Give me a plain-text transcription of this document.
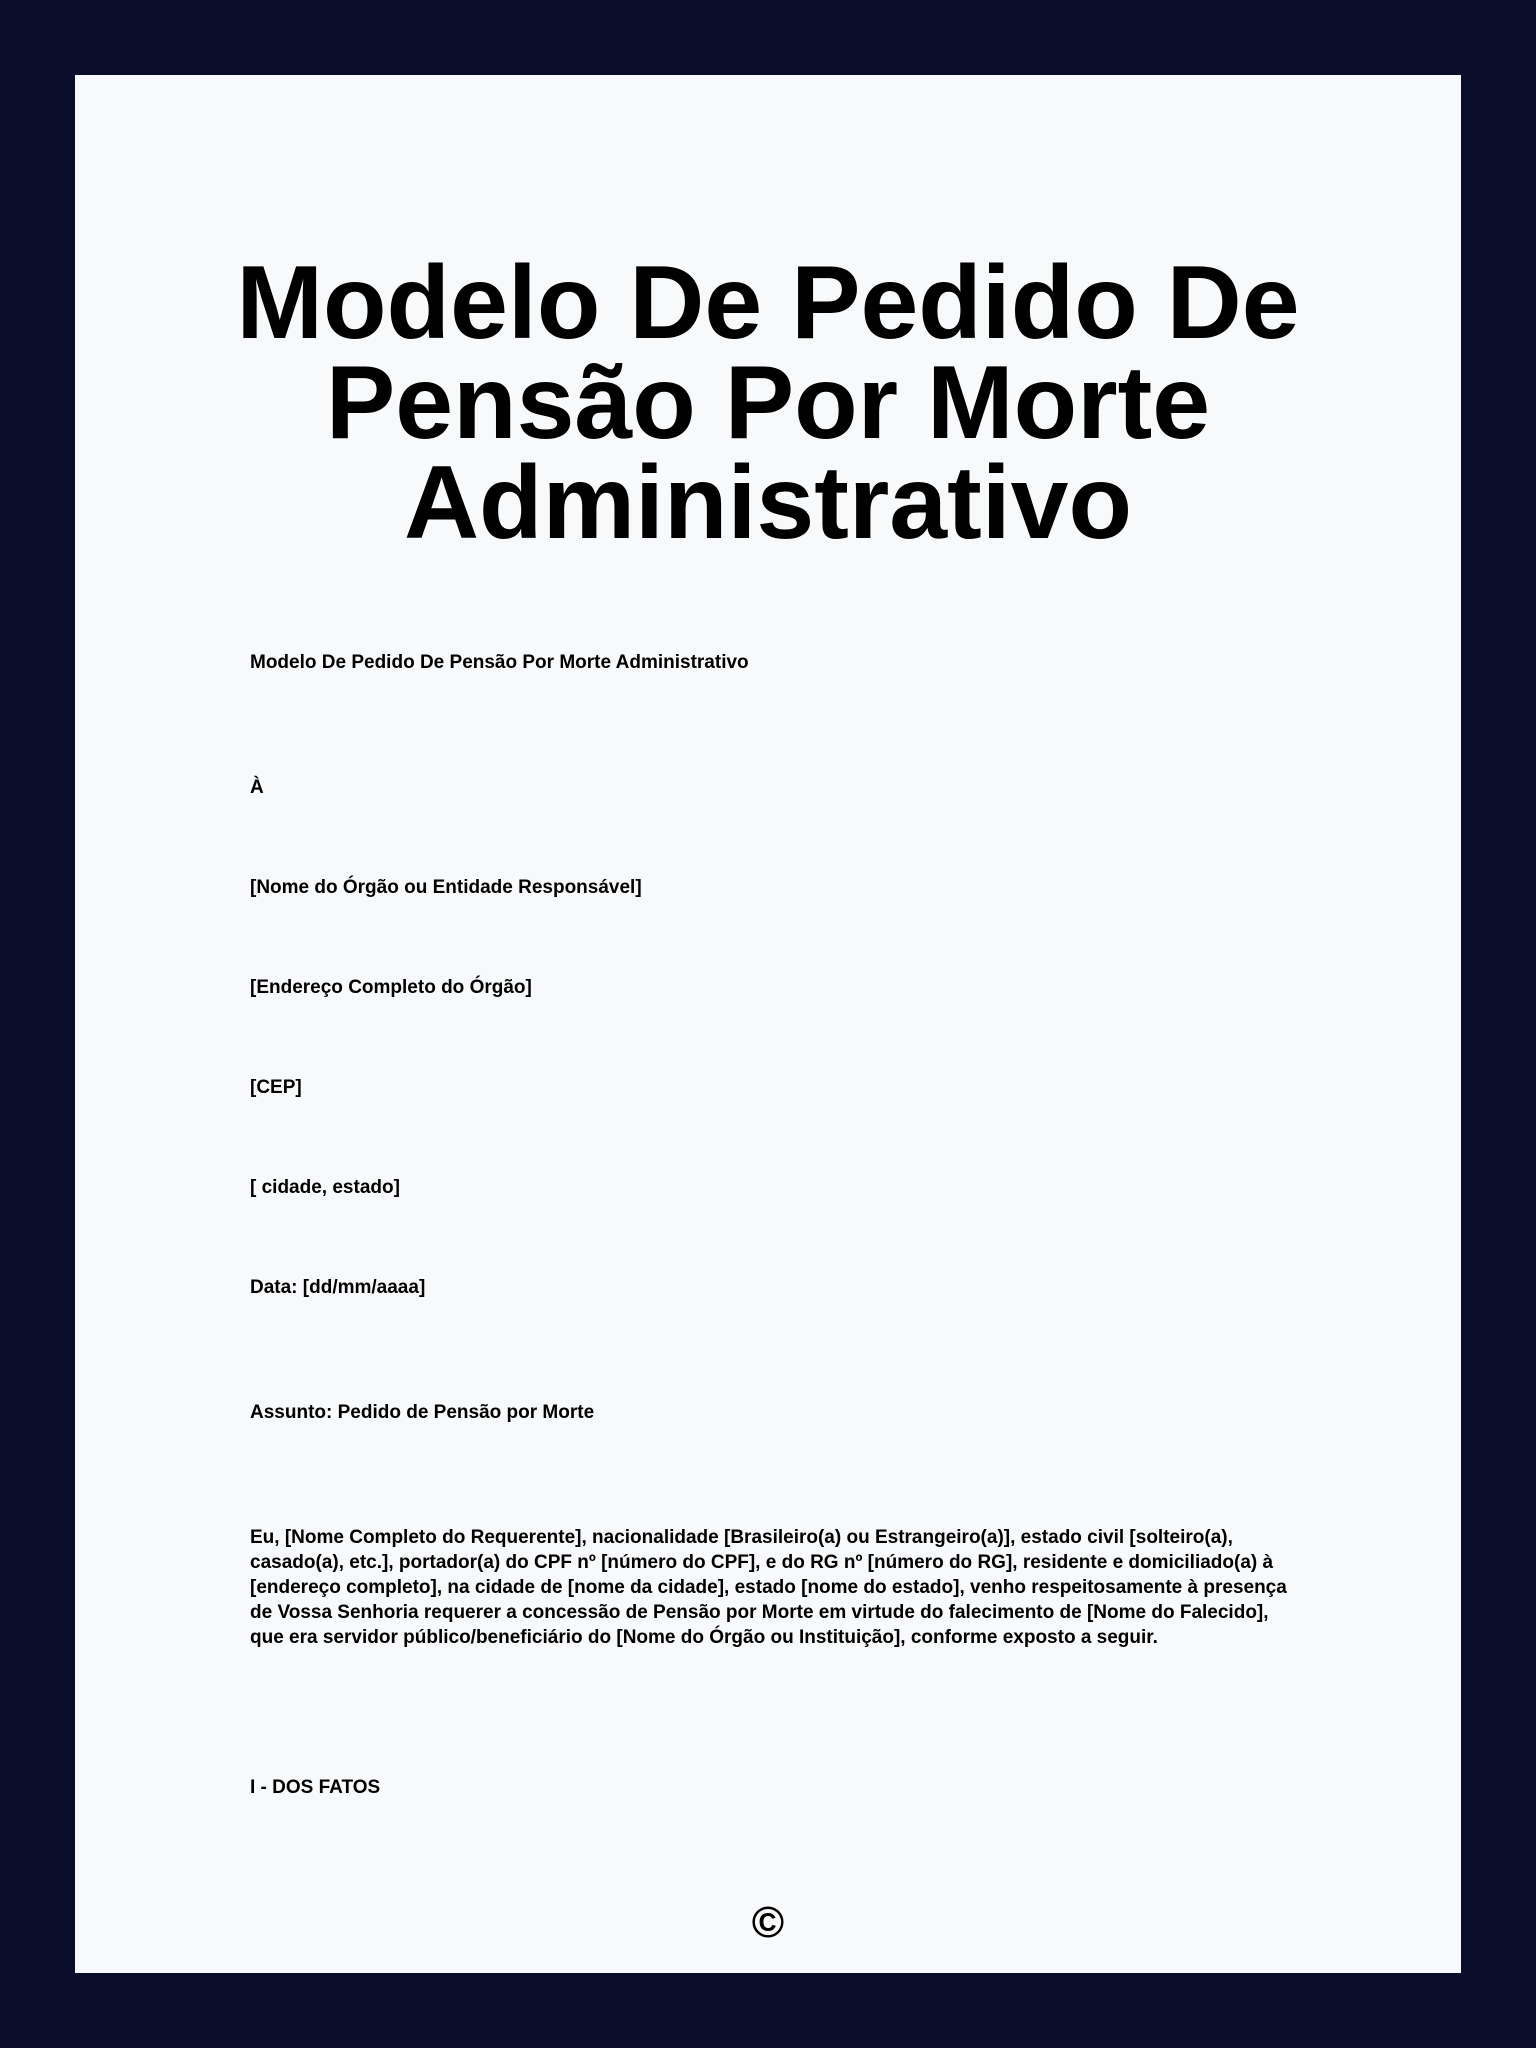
Modelo De Pedido De Pensão Por Morte Administrativo

Modelo De Pedido De Pensão Por Morte Administrativo

À

[Nome do Órgão ou Entidade Responsável]

[Endereço Completo do Órgão]

[CEP]

[ cidade, estado]

Data: [dd/mm/aaaa]

Assunto: Pedido de Pensão por Morte

Eu, [Nome Completo do Requerente], nacionalidade [Brasileiro(a) ou Estrangeiro(a)], estado civil [solteiro(a), casado(a), etc.], portador(a) do CPF nº [número do CPF], e do RG nº [número do RG], residente e domiciliado(a) à [endereço completo], na cidade de [nome da cidade], estado [nome do estado], venho respeitosamente à presença de Vossa Senhoria requerer a concessão de Pensão por Morte em virtude do falecimento de [Nome do Falecido], que era servidor público/beneficiário do [Nome do Órgão ou Instituição], conforme exposto a seguir.

I - DOS FATOS

©
